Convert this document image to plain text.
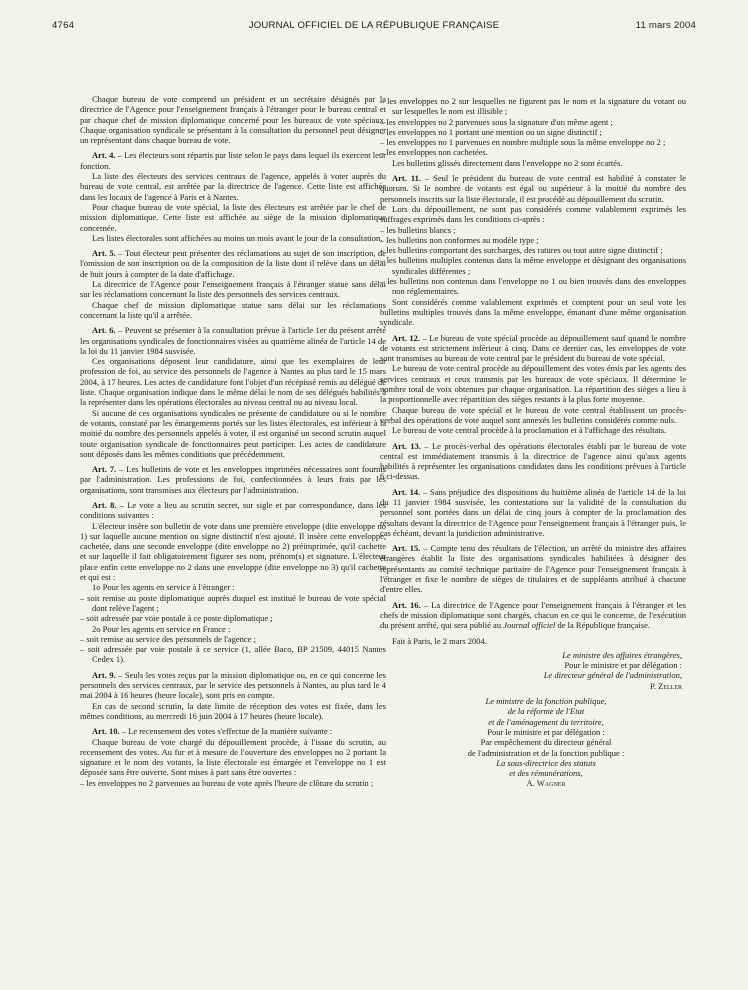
4764	JOURNAL OFFICIEL DE LA RÉPUBLIQUE FRANÇAISE	11 mars 2004

Chaque bureau de vote comprend un président et un secrétaire désignés par la directrice de l'Agence pour l'enseignement français à l'étranger pour le bureau central et par chaque chef de mission diplomatique concerné pour les bureaux de vote spéciaux. Chaque organisation syndicale se présentant à la consultation du personnel peut désigner un représentant dans chaque bureau de vote.

Art. 4. – Les électeurs sont répartis par liste selon le pays dans lequel ils exercent leur fonction.

La liste des électeurs des services centraux de l'agence, appelés à voter auprès du bureau de vote central, est arrêtée par la directrice de l'agence. Cette liste est affichée dans les locaux de l'agence à Paris et à Nantes.

Pour chaque bureau de vote spécial, la liste des électeurs est arrêtée par le chef de mission diplomatique. Cette liste est affichée au siège de la mission diplomatique concernée.

Les listes électorales sont affichées au moins un mois avant le jour de la consultation.

Art. 5. – Tout électeur peut présenter des réclamations au sujet de son inscription, de l'omission de son inscription ou de la composition de la liste dont il relève dans un délai de huit jours à compter de la date d'affichage.

La directrice de l'Agence pour l'enseignement français à l'étranger statue sans délai sur les réclamations concernant la liste des personnels des services centraux.

Chaque chef de mission diplomatique statue sans délai sur les réclamations concernant la liste qu'il a arrêtée.

Art. 6. – Peuvent se présenter à la consultation prévue à l'article 1er du présent arrêté les organisations syndicales de fonctionnaires visées au quatrième alinéa de l'article 14 de la loi du 11 janvier 1984 susvisée.

Ces organisations déposent leur candidature, ainsi que les exemplaires de leur profession de foi, au service des personnels de l'agence à Nantes au plus tard le 15 mars 2004, à 17 heures. Les actes de candidature font l'objet d'un récépissé remis au délégué de liste. Chaque organisation indique dans le même délai le nom de ses délégués habilités à la représenter dans les opérations électorales au niveau central ou au niveau local.

Si aucune de ces organisations syndicales ne présente de candidature ou si le nombre de votants, constaté par les émargements portés sur les listes électorales, est inférieur à la moitié du nombre des personnels appelés à voter, il est organisé un second scrutin auquel toute organisation syndicale de fonctionnaires peut participer. Les actes de candidature sont déposés dans les mêmes conditions que précédemment.

Art. 7. – Les bulletins de vote et les enveloppes imprimées nécessaires sont fournis par l'administration. Les professions de foi, confectionnées à leurs frais par les organisations, sont transmises aux électeurs par l'administration.

Art. 8. – Le vote a lieu au scrutin secret, sur sigle et par correspondance, dans les conditions suivantes :

L'électeur insère son bulletin de vote dans une première enveloppe (dite enveloppe no 1) sur laquelle aucune mention ou signe distinctif n'est ajouté. Il insère cette enveloppe, cachetée, dans une seconde enveloppe (dite enveloppe no 2) préimprimée, qu'il cachette et sur laquelle il fait obligatoirement figurer ses nom, prénom(s) et signature. L'électeur place enfin cette enveloppe no 2 dans une enveloppe (dite enveloppe no 3) qu'il cachette et qui est :

1o Pour les agents en service à l'étranger :

– soit remise au poste diplomatique auprès duquel est institué le bureau de vote spécial dont relève l'agent ;

– soit adressée par voie postale à ce poste diplomatique ;

2o Pour les agents en service en France :

– soit remise au service des personnels de l'agence ;

– soit adressée par voie postale à ce service (1, allée Baco, BP 21509, 44015 Nantes Cedex 1).

Art. 9. – Seuls les votes reçus par la mission diplomatique ou, en ce qui concerne les personnels des services centraux, par le service des personnels à Nantes, au plus tard le 4 mai 2004 à 16 heures (heure locale), sont pris en compte.

En cas de second scrutin, la date limite de réception des votes est fixée, dans les mêmes conditions, au mercredi 16 juin 2004 à 17 heures (heure locale).

Art. 10. – Le recensement des votes s'effectue de la manière suivante :

Chaque bureau de vote chargé du dépouillement procède, à l'issue du scrutin, au recensement des votes. Au fur et à mesure de l'ouverture des enveloppes no 2 portant la signature et le nom des votants, la liste électorale est émargée et l'enveloppe no 1 est déposée sans être ouverte. Sont mises à part sans être ouvertes :

– les enveloppes no 2 parvenues au bureau de vote après l'heure de clôture du scrutin ;

– les enveloppes no 2 sur lesquelles ne figurent pas le nom et la signature du votant ou sur lesquelles le nom est illisible ;

– les enveloppes no 2 parvenues sous la signature d'un même agent ;

– les enveloppes no 1 portant une mention ou un signe distinctif ;

– les enveloppes no 1 parvenues en nombre multiple sous la même enveloppe no 2 ;

– les enveloppes non cachetées.

Les bulletins glissés directement dans l'enveloppe no 2 sont écartés.

Art. 11. – Seul le président du bureau de vote central est habilité à constater le quorum. Si le nombre de votants est égal ou supérieur à la moitié du nombre des personnels inscrits sur la liste électorale, il est procédé au dépouillement du scrutin.

Lors du dépouillement, ne sont pas considérés comme valablement exprimés les suffrages exprimés dans les conditions ci-après :

– les bulletins blancs ;

– les bulletins non conformes au modèle type ;

– les bulletins comportant des surcharges, des ratures ou tout autre signe distinctif ;

– les bulletins multiples contenus dans la même enveloppe et désignant des organisations syndicales différentes ;

– les bulletins non contenus dans l'enveloppe no 1 ou bien trouvés dans des enveloppes non réglementaires.

Sont considérés comme valablement exprimés et comptent pour un seul vote les bulletins multiples trouvés dans la même enveloppe, émanant d'une même organisation syndicale.

Art. 12. – Le bureau de vote spécial procède au dépouillement sauf quand le nombre de votants est strictement inférieur à cinq. Dans ce dernier cas, les enveloppes de vote sont transmises au bureau de vote central par le président du bureau de vote spécial.

Le bureau de vote central procède au dépouillement des votes émis par les agents des services centraux et ceux transmis par les bureaux de vote spéciaux. Il détermine le nombre total de voix obtenues par chaque organisation. La répartition des sièges a lieu à la proportionnelle avec répartition des sièges restants à la plus forte moyenne.

Chaque bureau de vote spécial et le bureau de vote central établissent un procès-verbal des opérations de vote auquel sont annexés les bulletins considérés comme nuls.

Le bureau de vote central procède à la proclamation et à l'affichage des résultats.

Art. 13. – Le procès-verbal des opérations électorales établi par le bureau de vote central est immédiatement transmis à la directrice de l'agence ainsi qu'aux agents habilités à représenter les organisations candidates dans les conditions prévues à l'article 6 ci-dessus.

Art. 14. – Sans préjudice des dispositions du huitième alinéa de l'article 14 de la loi du 11 janvier 1984 susvisée, les contestations sur la validité de la consultation du personnel sont portées dans un délai de cinq jours à compter de la proclamation des résultats devant la directrice de l'Agence pour l'enseignement français à l'étranger puis, le cas échéant, devant la juridiction administrative.

Art. 15. – Compte tenu des résultats de l'élection, un arrêté du ministre des affaires étrangères établit la liste des organisations syndicales habilitées à désigner des représentants au comité technique paritaire de l'Agence pour l'enseignement français à l'étranger et fixe le nombre de sièges de titulaires et de suppléants attribué à chacune d'entre elles.

Art. 16. – La directrice de l'Agence pour l'enseignement français à l'étranger et les chefs de mission diplomatique sont chargés, chacun en ce qui le concerne, de l'exécution du présent arrêté, qui sera publié au Journal officiel de la République française.

Fait à Paris, le 2 mars 2004.

Le ministre des affaires étrangères,

Pour le ministre et par délégation :

Le directeur général de l'administration,

P. Zeller

Le ministre de la fonction publique,

de la réforme de l'Etat

et de l'aménagement du territoire,

Pour le ministre et par délégation :

Par empêchement du directeur général

de l'administration et de la fonction publique :

La sous-directrice des statuts

et des rémunérations,

A. Wagner
